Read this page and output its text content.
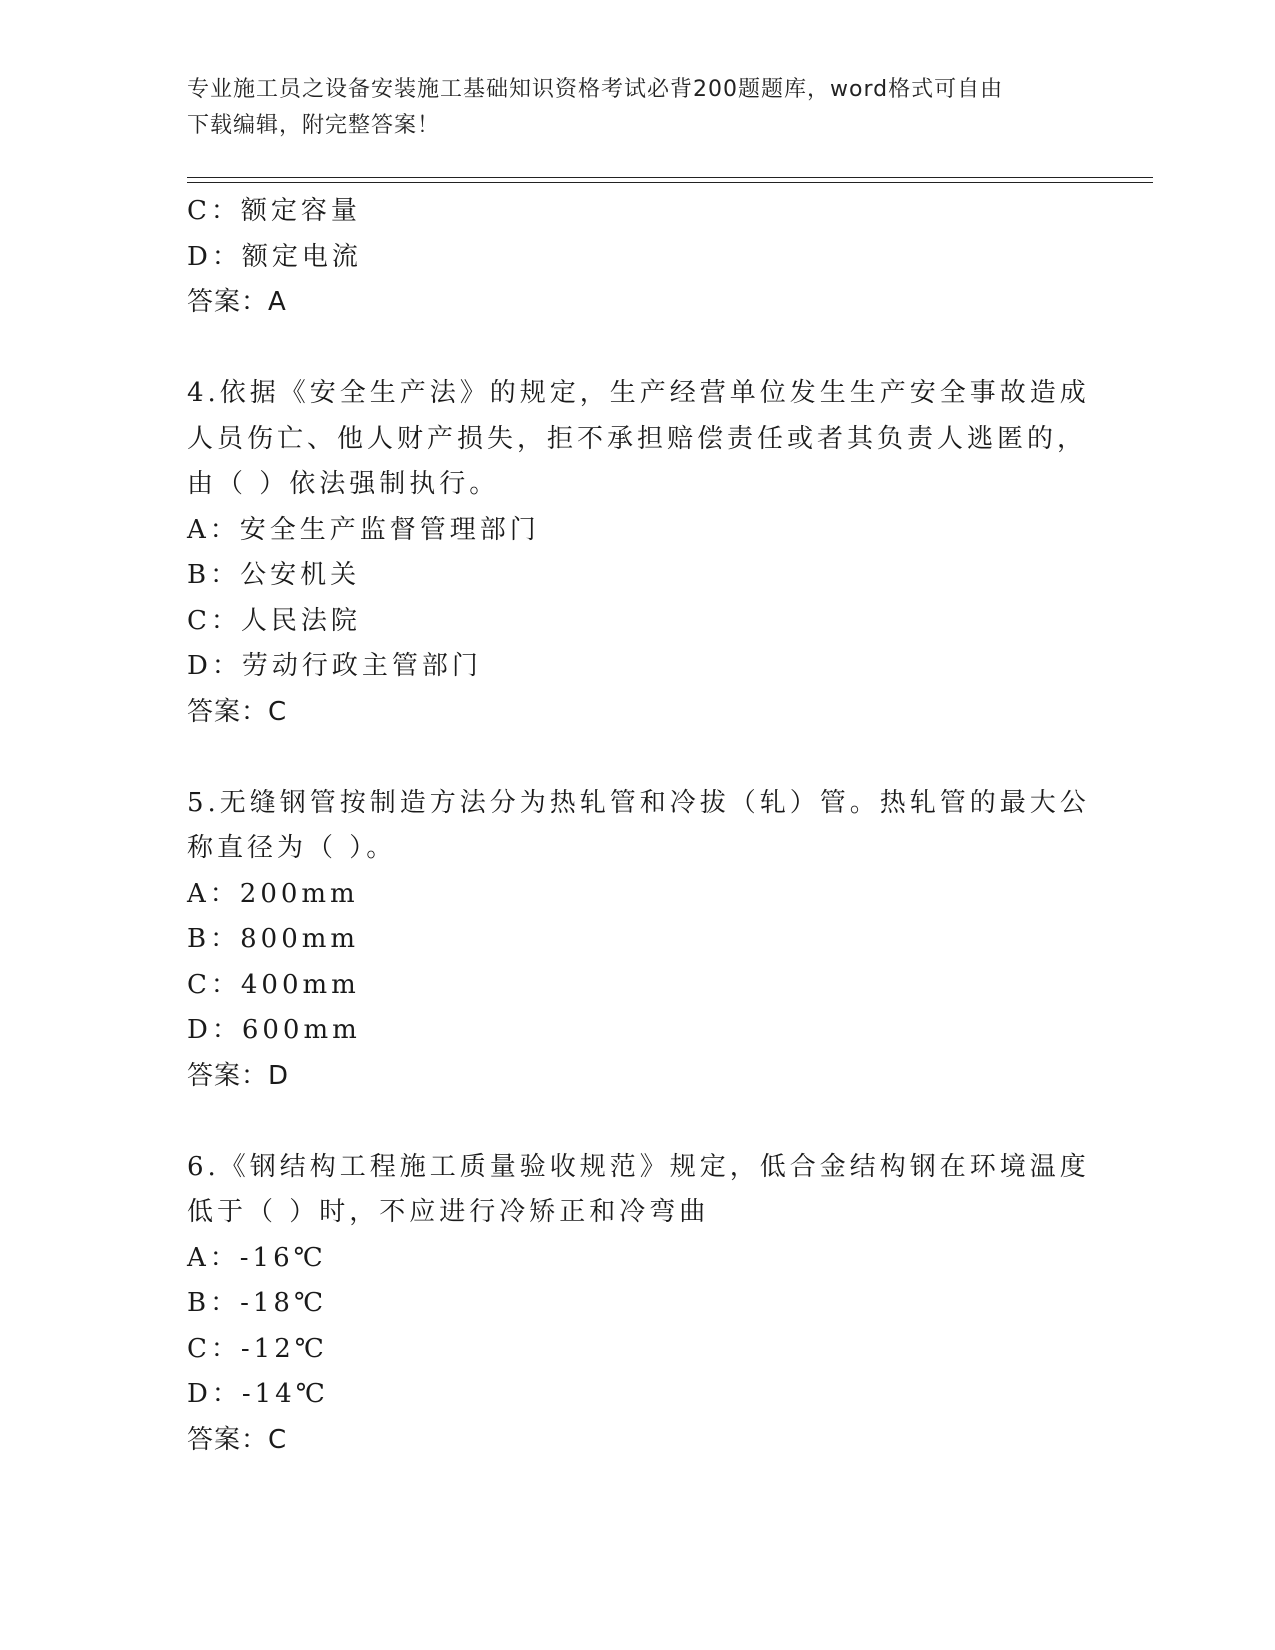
专业施工员之设备安装施工基础知识资格考试必背200题题库，word格式可自由
下载编辑，附完整答案！
C：额定容量
D：额定电流
答案：A
4.依据《安全生产法》的规定，生产经营单位发生生产安全事故造成
人员伤亡、他人财产损失，拒不承担赔偿责任或者其负责人逃匿的，
由（ ）依法强制执行。
A：安全生产监督管理部门
B：公安机关
C：人民法院
D：劳动行政主管部门
答案：C
5.无缝钢管按制造方法分为热轧管和冷拔（轧）管。热轧管的最大公
称直径为（ ）。
A：200mm
B：800mm
C：400mm
D：600mm
答案：D
6.《钢结构工程施工质量验收规范》规定，低合金结构钢在环境温度
低于（ ）时，不应进行冷矫正和冷弯曲
A：-16℃
B：-18℃
C：-12℃
D：-14℃
答案：C
